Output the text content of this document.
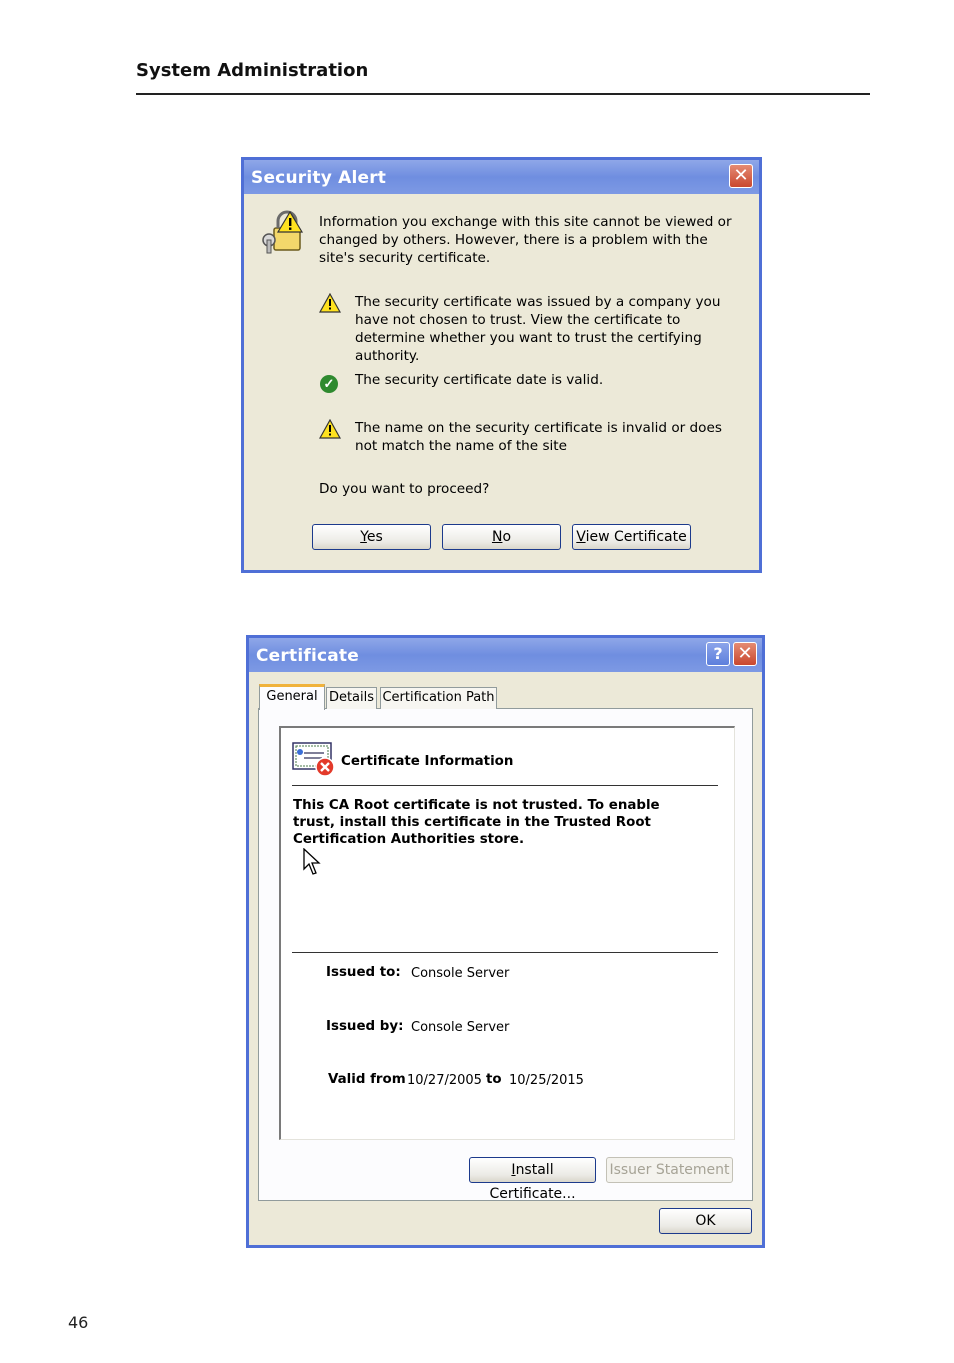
System Administration
Security Alert	✕
Information you exchange with this site cannot be viewed or changed by others. However, there is a problem with the site's security certificate.
The security certificate was issued by a company you have not chosen to trust. View the certificate to determine whether you want to trust the certifying authority.
✓ The security certificate date is valid.
The name on the security certificate is invalid or does not match the name of the site
Do you want to proceed?
Yes	No	View Certificate
Certificate	? ✕
General Details Certification Path
Certificate Information
This CA Root certificate is not trusted. To enable trust, install this certificate in the Trusted Root Certification Authorities store.
Issued to: Console Server
Issued by: Console Server
Valid from 10/27/2005 to 10/25/2015
Install Certificate...
Issuer Statement
OK
46
